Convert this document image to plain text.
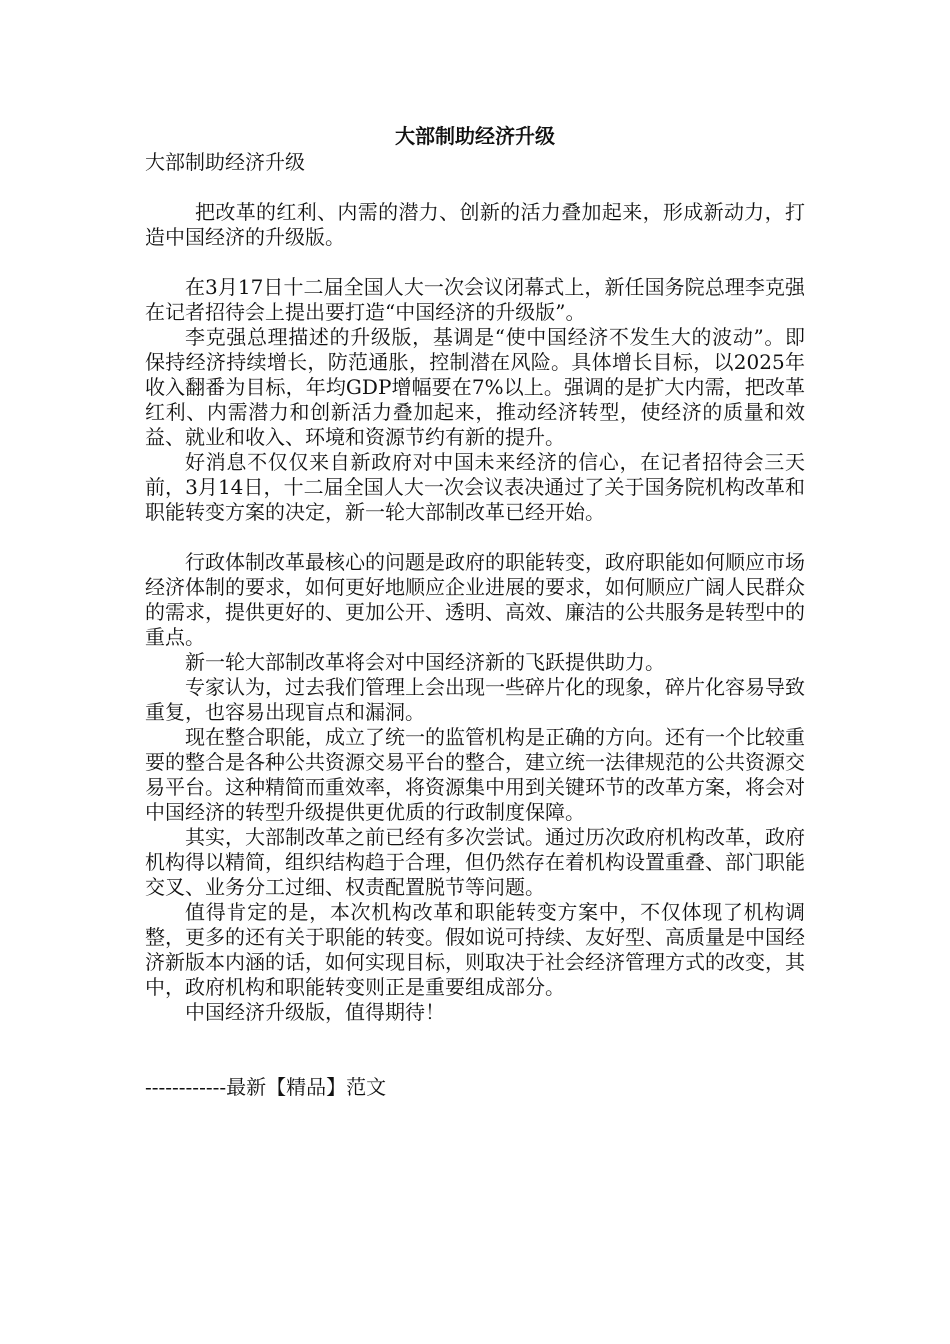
大部制助经济升级

大部制助经济升级

把改革的红利、内需的潜力、创新的活力叠加起来，形成新动力，打造中国经济的升级版。

在3月17日十二届全国人大一次会议闭幕式上，新任国务院总理李克强在记者招待会上提出要打造“中国经济的升级版”。

李克强总理描述的升级版，基调是“使中国经济不发生大的波动”。即保持经济持续增长，防范通胀，控制潜在风险。具体增长目标，以2025年收入翻番为目标，年均GDP增幅要在7%以上。强调的是扩大内需，把改革红利、内需潜力和创新活力叠加起来，推动经济转型，使经济的质量和效益、就业和收入、环境和资源节约有新的提升。

好消息不仅仅来自新政府对中国未来经济的信心，在记者招待会三天前，3月14日，十二届全国人大一次会议表决通过了关于国务院机构改革和职能转变方案的决定，新一轮大部制改革已经开始。

行政体制改革最核心的问题是政府的职能转变，政府职能如何顺应市场经济体制的要求，如何更好地顺应企业进展的要求，如何顺应广阔人民群众的需求，提供更好的、更加公开、透明、高效、廉洁的公共服务是转型中的重点。

新一轮大部制改革将会对中国经济新的飞跃提供助力。

专家认为，过去我们管理上会出现一些碎片化的现象，碎片化容易导致重复，也容易出现盲点和漏洞。

现在整合职能，成立了统一的监管机构是正确的方向。还有一个比较重要的整合是各种公共资源交易平台的整合，建立统一法律规范的公共资源交易平台。这种精简而重效率，将资源集中用到关键环节的改革方案，将会对中国经济的转型升级提供更优质的行政制度保障。

其实，大部制改革之前已经有多次尝试。通过历次政府机构改革，政府机构得以精简，组织结构趋于合理，但仍然存在着机构设置重叠、部门职能交叉、业务分工过细、权责配置脱节等问题。

值得肯定的是，本次机构改革和职能转变方案中，不仅体现了机构调整，更多的还有关于职能的转变。假如说可持续、友好型、高质量是中国经济新版本内涵的话，如何实现目标，则取决于社会经济管理方式的改变，其中，政府机构和职能转变则正是重要组成部分。

中国经济升级版，值得期待！

------------最新【精品】范文
